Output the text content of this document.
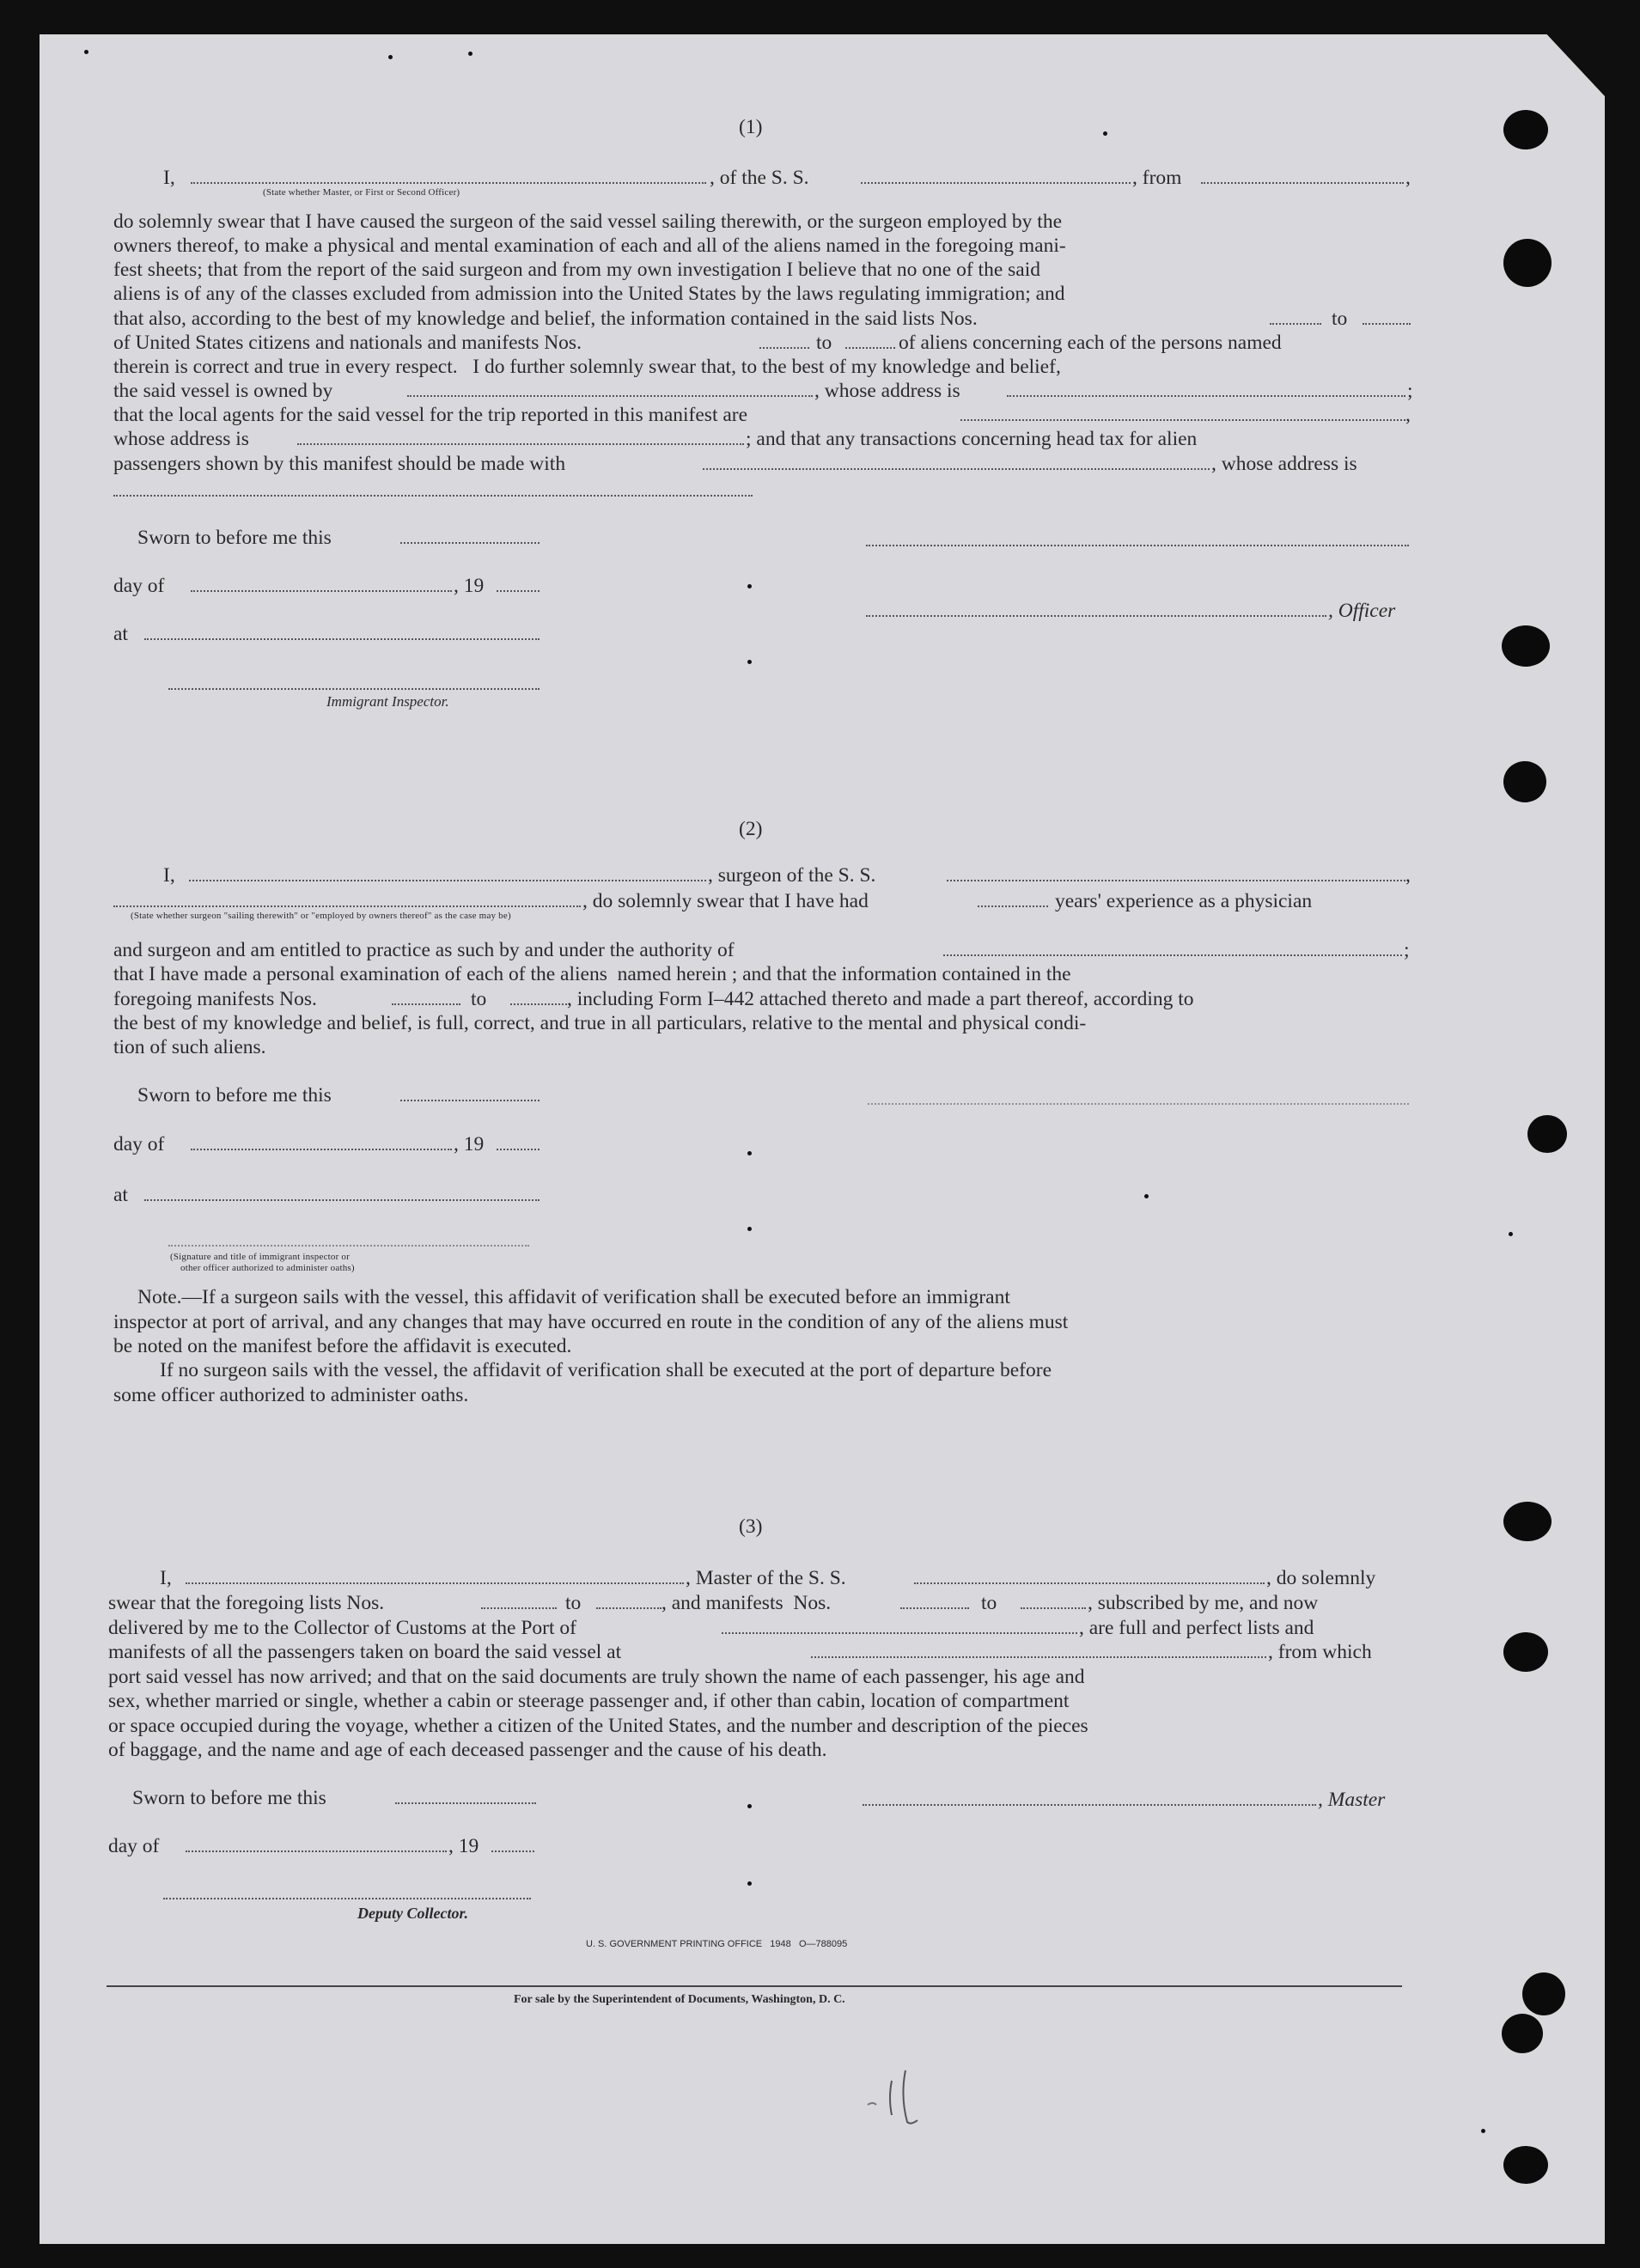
(1)
I,
(State whether Master, or First or Second Officer)
, of the S. S.	, from	,
do solemnly swear that I have caused the surgeon of the said vessel sailing therewith, or the surgeon employed by the
owners thereof, to make a physical and mental examination of each and all of the aliens named in the foregoing mani-
fest sheets; that from the report of the said surgeon and from my own investigation I believe that no one of the said
aliens is of any of the classes excluded from admission into the United States by the laws regulating immigration; and
that also, according to the best of my knowledge and belief, the information contained in the said lists Nos.	to
of United States citizens and nationals and manifests Nos.	to	of aliens concerning each of the persons named
therein is correct and true in every respect.   I do further solemnly swear that, to the best of my knowledge and belief,
the said vessel is owned by	, whose address is	;
that the local agents for the said vessel for the trip reported in this manifest are	,
whose address is	; and that any transactions concerning head tax for alien
passengers shown by this manifest should be made with	, whose address is
Sworn to before me this
day of	, 19
, Officer
at
Immigrant Inspector.
(2)
I,	, surgeon of the S. S.	,
(State whether surgeon "sailing therewith" or "employed by owners thereof" as the case may be)
, do solemnly swear that I have had	years' experience as a physician
and surgeon and am entitled to practice as such by and under the authority of	;
that I have made a personal examination of each of the aliens  named herein ; and that the information contained in the
foregoing manifests Nos.	to	, including Form I–442 attached thereto and made a part thereof, according to
the best of my knowledge and belief, is full, correct, and true in all particulars, relative to the mental and physical condi-
tion of such aliens.
Sworn to before me this
day of	, 19
at
(Signature and title of immigrant inspector or
other officer authorized to administer oaths)
Note.—If a surgeon sails with the vessel, this affidavit of verification shall be executed before an immigrant
inspector at port of arrival, and any changes that may have occurred en route in the condition of any of the aliens must
be noted on the manifest before the affidavit is executed.
If no surgeon sails with the vessel, the affidavit of verification shall be executed at the port of departure before
some officer authorized to administer oaths.
(3)
I,	, Master of the S. S.	, do solemnly
swear that the foregoing lists Nos.	to	, and manifests  Nos.	to	, subscribed by me, and now
delivered by me to the Collector of Customs at the Port of	, are full and perfect lists and
manifests of all the passengers taken on board the said vessel at	, from which
port said vessel has now arrived; and that on the said documents are truly shown the name of each passenger, his age and
sex, whether married or single, whether a cabin or steerage passenger and, if other than cabin, location of compartment
or space occupied during the voyage, whether a citizen of the United States, and the number and description of the pieces
of baggage, and the name and age of each deceased passenger and the cause of his death.
Sworn to before me this	, Master
day of	, 19
Deputy Collector.
U. S. GOVERNMENT PRINTING OFFICE   1948   O—788095
For sale by the Superintendent of Documents, Washington, D. C.
